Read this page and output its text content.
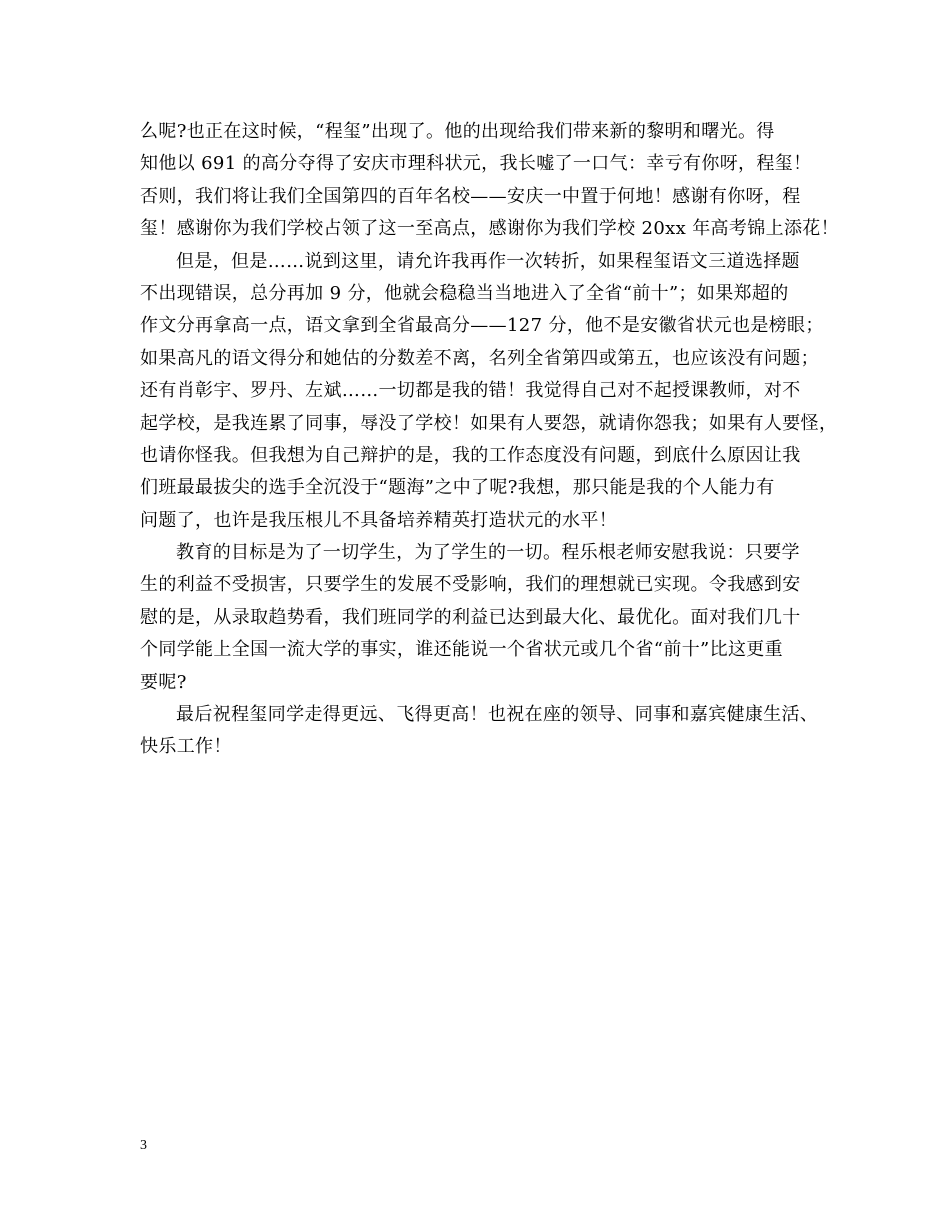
么呢?也正在这时候，“程玺”出现了。他的出现给我们带来新的黎明和曙光。得
知他以 691 的高分夺得了安庆市理科状元，我长嘘了一口气：幸亏有你呀，程玺！
否则，我们将让我们全国第四的百年名校——安庆一中置于何地！感谢有你呀，程
玺！感谢你为我们学校占领了这一至高点，感谢你为我们学校 20xx 年高考锦上添花！
但是，但是……说到这里，请允许我再作一次转折，如果程玺语文三道选择题
不出现错误，总分再加 9 分，他就会稳稳当当地进入了全省“前十”；如果郑超的
作文分再拿高一点，语文拿到全省最高分——127 分，他不是安徽省状元也是榜眼；
如果高凡的语文得分和她估的分数差不离，名列全省第四或第五，也应该没有问题；
还有肖彰宇、罗丹、左斌……一切都是我的错！我觉得自己对不起授课教师，对不
起学校，是我连累了同事，辱没了学校！如果有人要怨，就请你怨我；如果有人要怪，
也请你怪我。但我想为自己辩护的是，我的工作态度没有问题，到底什么原因让我
们班最最拔尖的选手全沉没于“题海”之中了呢?我想，那只能是我的个人能力有
问题了，也许是我压根儿不具备培养精英打造状元的水平！
教育的目标是为了一切学生，为了学生的一切。程乐根老师安慰我说：只要学
生的利益不受损害，只要学生的发展不受影响，我们的理想就已实现。令我感到安
慰的是，从录取趋势看，我们班同学的利益已达到最大化、最优化。面对我们几十
个同学能上全国一流大学的事实，谁还能说一个省状元或几个省“前十”比这更重
要呢?
最后祝程玺同学走得更远、飞得更高！也祝在座的领导、同事和嘉宾健康生活、
快乐工作！
3
